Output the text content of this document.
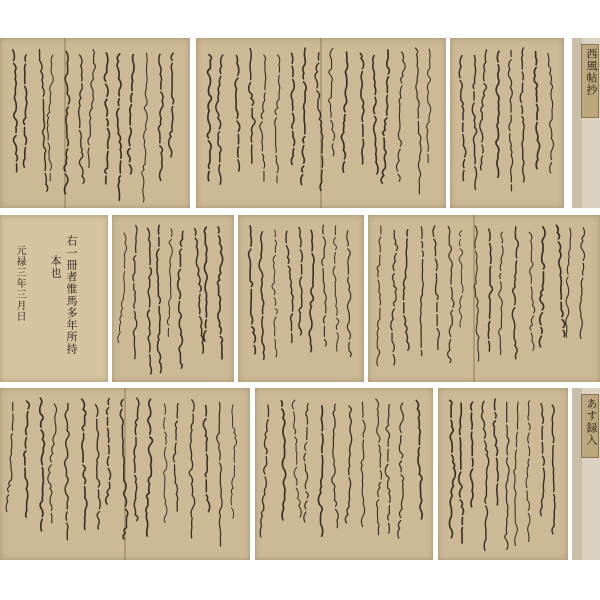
西風帖抄
右一冊者惟馬多年所持
本也
元禄三年三月日
あす録入
